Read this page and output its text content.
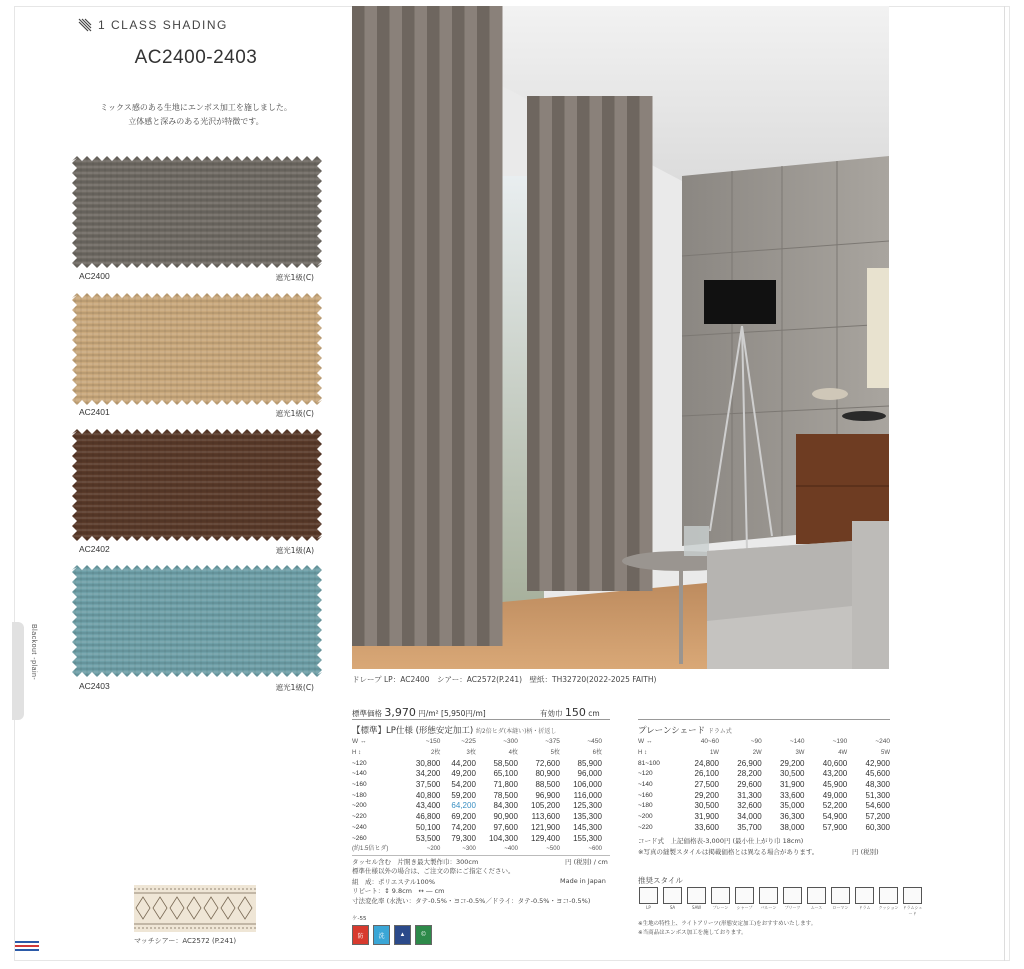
1 CLASS SHADING
AC2400-2403
ミックス感のある生地にエンボス加工を施しました。
立体感と深みのある光沢が特徴です。
AC2400	遮光1級(C)
AC2401	遮光1級(C)
AC2402	遮光1級(A)
AC2403	遮光1級(C)
Blackout -plain-
マッチシアー：AC2572 (P.241)
ドレープ LP：AC2400　シアー：AC2572(P.241)　壁紙：TH32720(2022-2025 FAITH)
標準価格 3,970 円/m² [5,950円/m]	有効巾 150 cm
【標準】LP仕様 (形態安定加工) 約2倍ヒダ(本縫い)柄・折返し	プレーンシェード ドラム式
W ↔	~150	~225	~300	~375	~450
H ↕	2枚	3枚	4枚	5枚	6枚
~120	30,800	44,200	58,500	72,600	85,900
~140	34,200	49,200	65,100	80,900	96,000
~160	37,500	54,200	71,800	88,500	106,000
~180	40,800	59,200	78,500	96,900	116,000
~200	43,400	64,200	84,300	105,200	125,300
~220	46,800	69,200	90,900	113,600	135,300
~240	50,100	74,200	97,600	121,900	145,300
~260	53,500	79,300	104,300	129,400	155,300
(約1.5倍ヒダ)	~200	~300	~400	~500	~600
W ↔	40~60	~90	~140	~190	~240
H ↕	1W	2W	3W	4W	5W
81~100	24,800	26,900	29,200	40,600	42,900
~120	26,100	28,200	30,500	43,200	45,600
~140	27,500	29,600	31,900	45,900	48,300
~160	29,200	31,300	33,600	49,000	51,300
~180	30,500	32,600	35,000	52,200	54,600
~200	31,900	34,000	36,300	54,900	57,200
~220	33,600	35,700	38,000	57,900	60,300
タッセル含む　片開き最大製作巾：300cm	円 (税別) / cm
標準仕様以外の場合は、ご注文の際にご指定ください。
組　成：ポリエステル100%	Made in Japan
リピート：↕ 9.8cm　↔ ― cm
寸法変化率 (水洗い：タテ-0.5%・ヨコ-0.5%／ドライ：タテ-0.5%・ヨコ-0.5%)
ケ-55
防	洗	▲	©
コード式　上記価格表-3,000円 (最小仕上がり巾 18cm)
※写真の縫製スタイルは掲載価格とは異なる場合があります。	円 (税別)
推奨スタイル
LP	SA	SAW	プレーン	シャープ	バルーン	プリーツ	ムース	ローマン	ドラム	クッション ドラムシェード
※生地の特性上、ライトアリーツ(形態安定加工)をおすすめいたします。
※当商品はエンボス加工を施しております。
